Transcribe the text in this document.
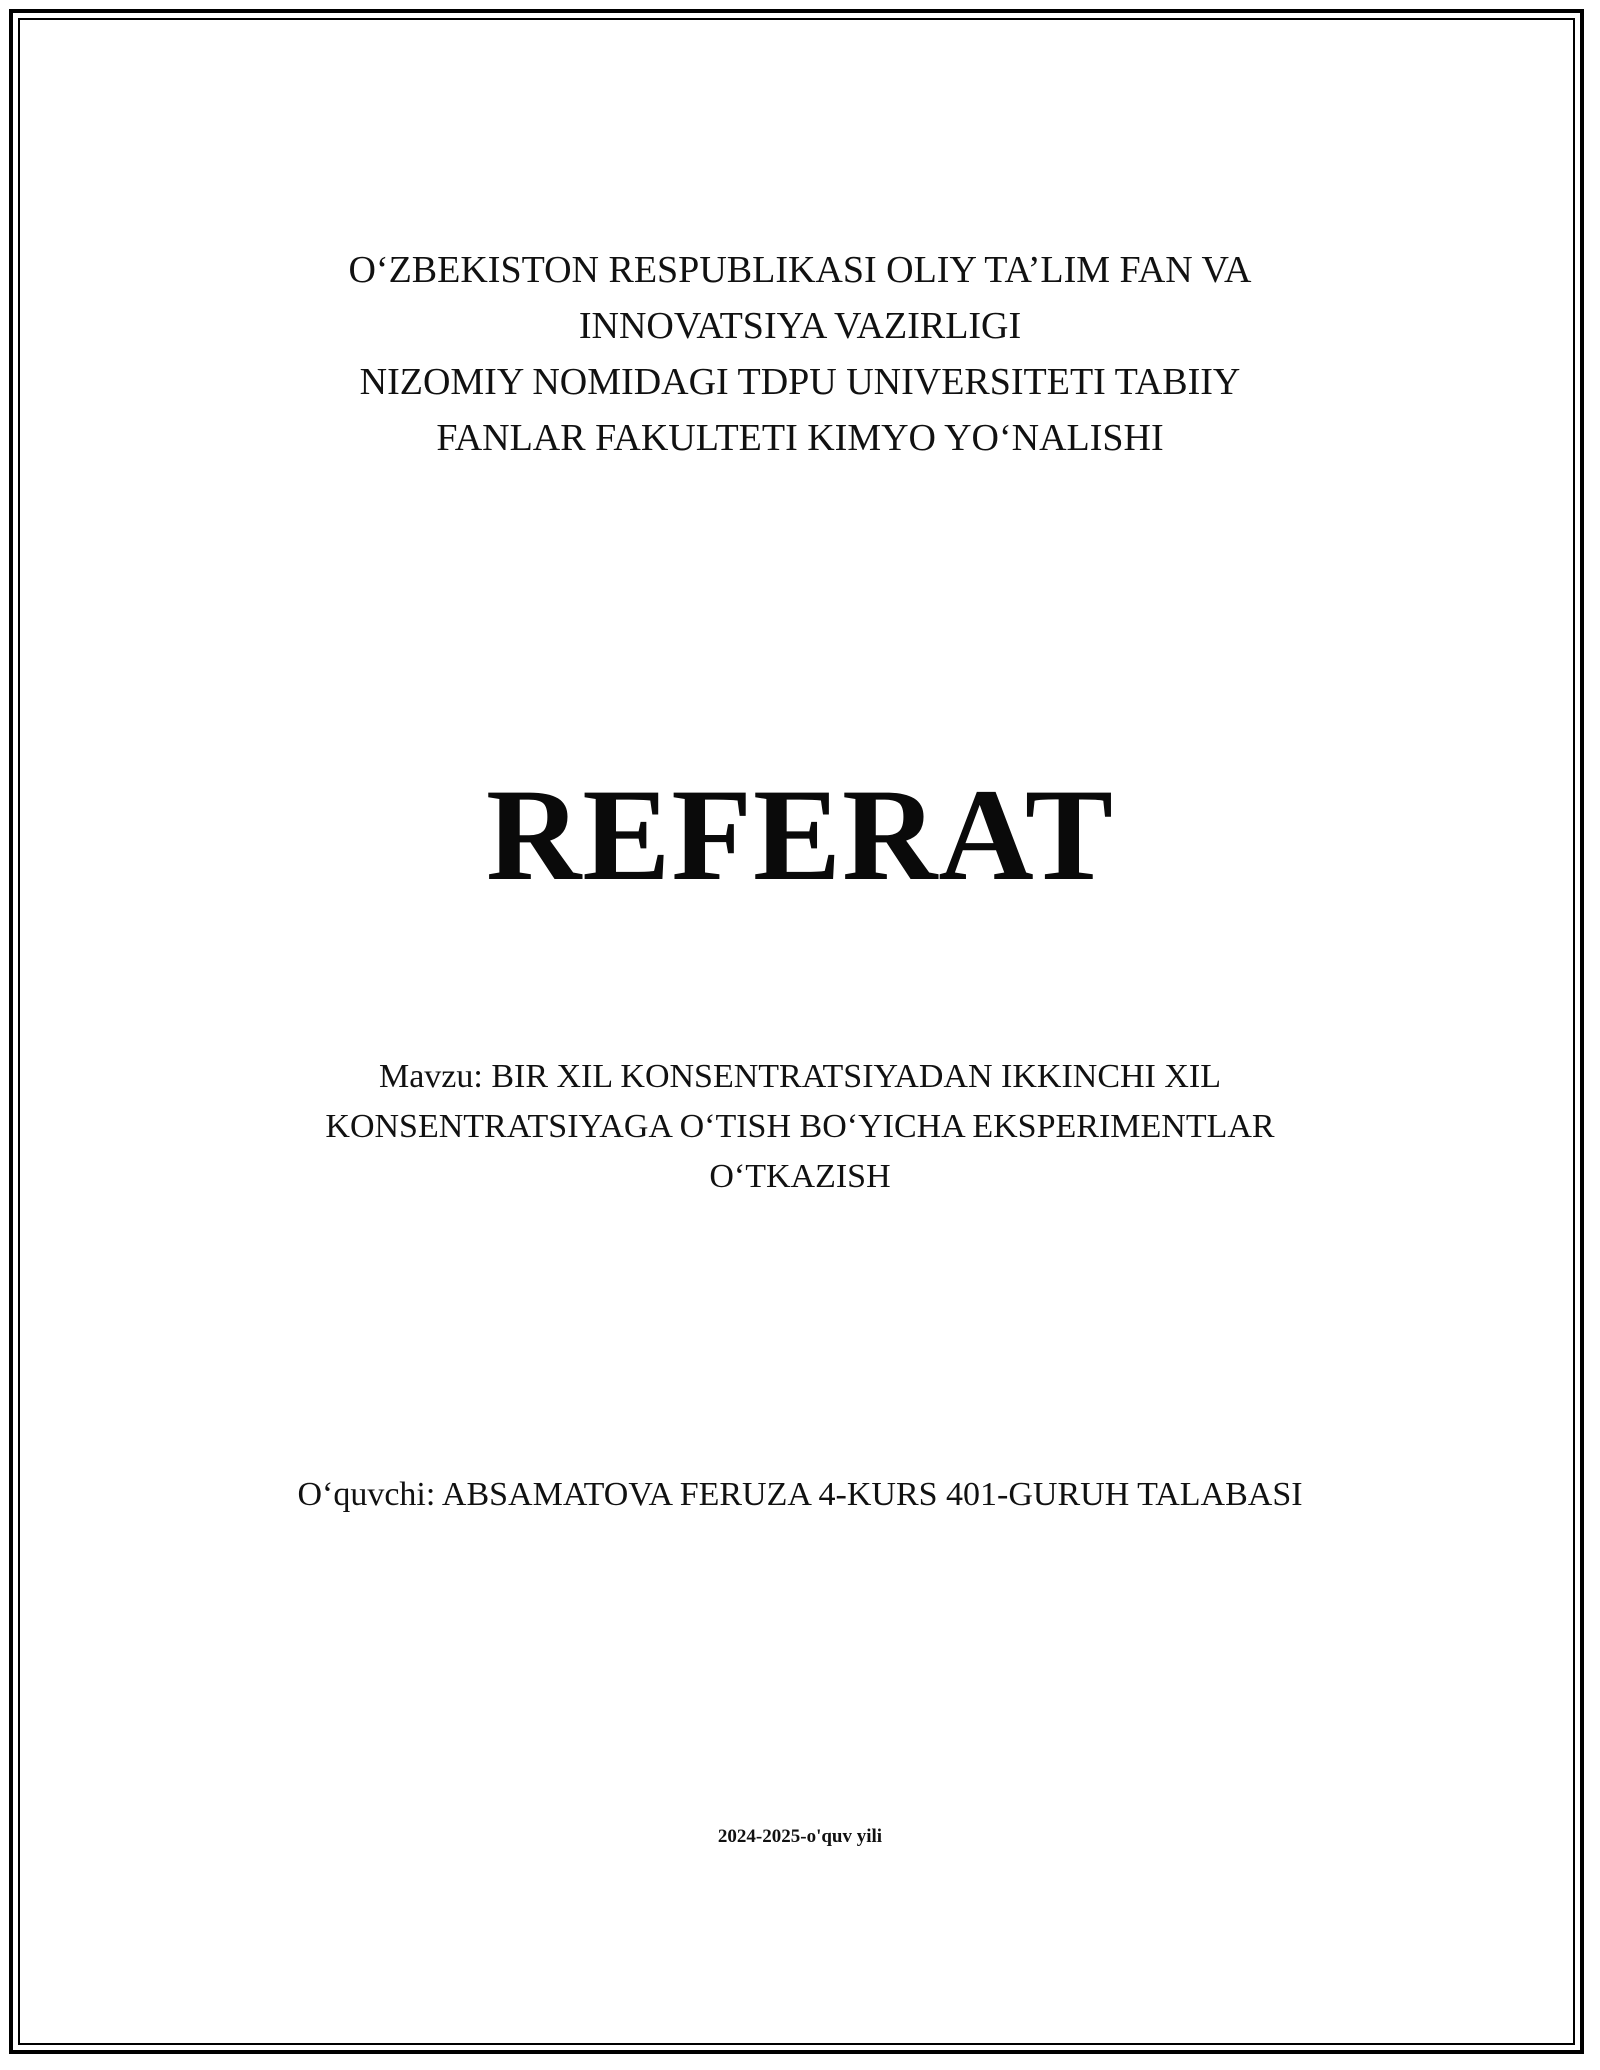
O‘ZBEKISTON RESPUBLIKASI OLIY TA’LIM FAN VA
INNOVATSIYA VAZIRLIGI
NIZOMIY NOMIDAGI TDPU UNIVERSITETI TABIIY
FANLAR FAKULTETI KIMYO YO‘NALISHI
REFERAT
Mavzu: BIR XIL KONSENTRATSIYADAN IKKINCHI XIL
KONSENTRATSIYAGA O‘TISH BO‘YICHA EKSPERIMENTLAR
O‘TKAZISH
O‘quvchi: ABSAMATOVA FERUZA 4-KURS 401-GURUH TALABASI
2024-2025-o'quv yili
